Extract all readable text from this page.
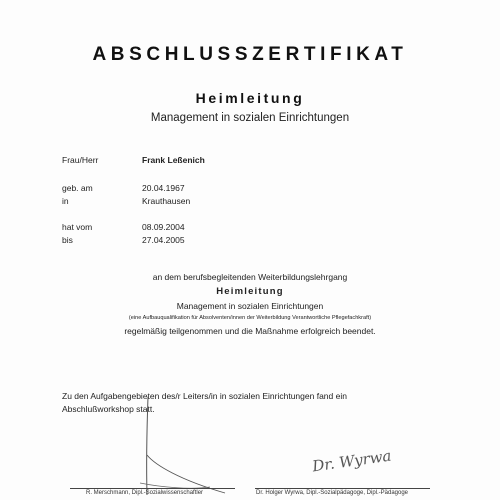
ABSCHLUSSZERTIFIKAT
Heimleitung
Management in sozialen Einrichtungen
Frau/Herr	Frank Leßenich
geb. am	20.04.1967
in	Krauthausen
hat vom	08.09.2004
bis	27.04.2005
an dem berufsbegleitenden Weiterbildungslehrgang
Heimleitung
Management in sozialen Einrichtungen
(eine Aufbauqualifikation für Absolventen/innen der Weiterbildung Verantwortliche Pflegefachkraft)
regelmäßig teilgenommen und die Maßnahme erfolgreich beendet.
Zu den Aufgabengebieten des/r Leiters/in in sozialen Einrichtungen fand ein
Abschlußworkshop statt.
Dr. Wyrwa
R. Merschmann, Dipl.-Sozialwissenschaftler	Dr. Holger Wyrwa, Dipl.-Sozialpädagoge, Dipl.-Pädagoge
